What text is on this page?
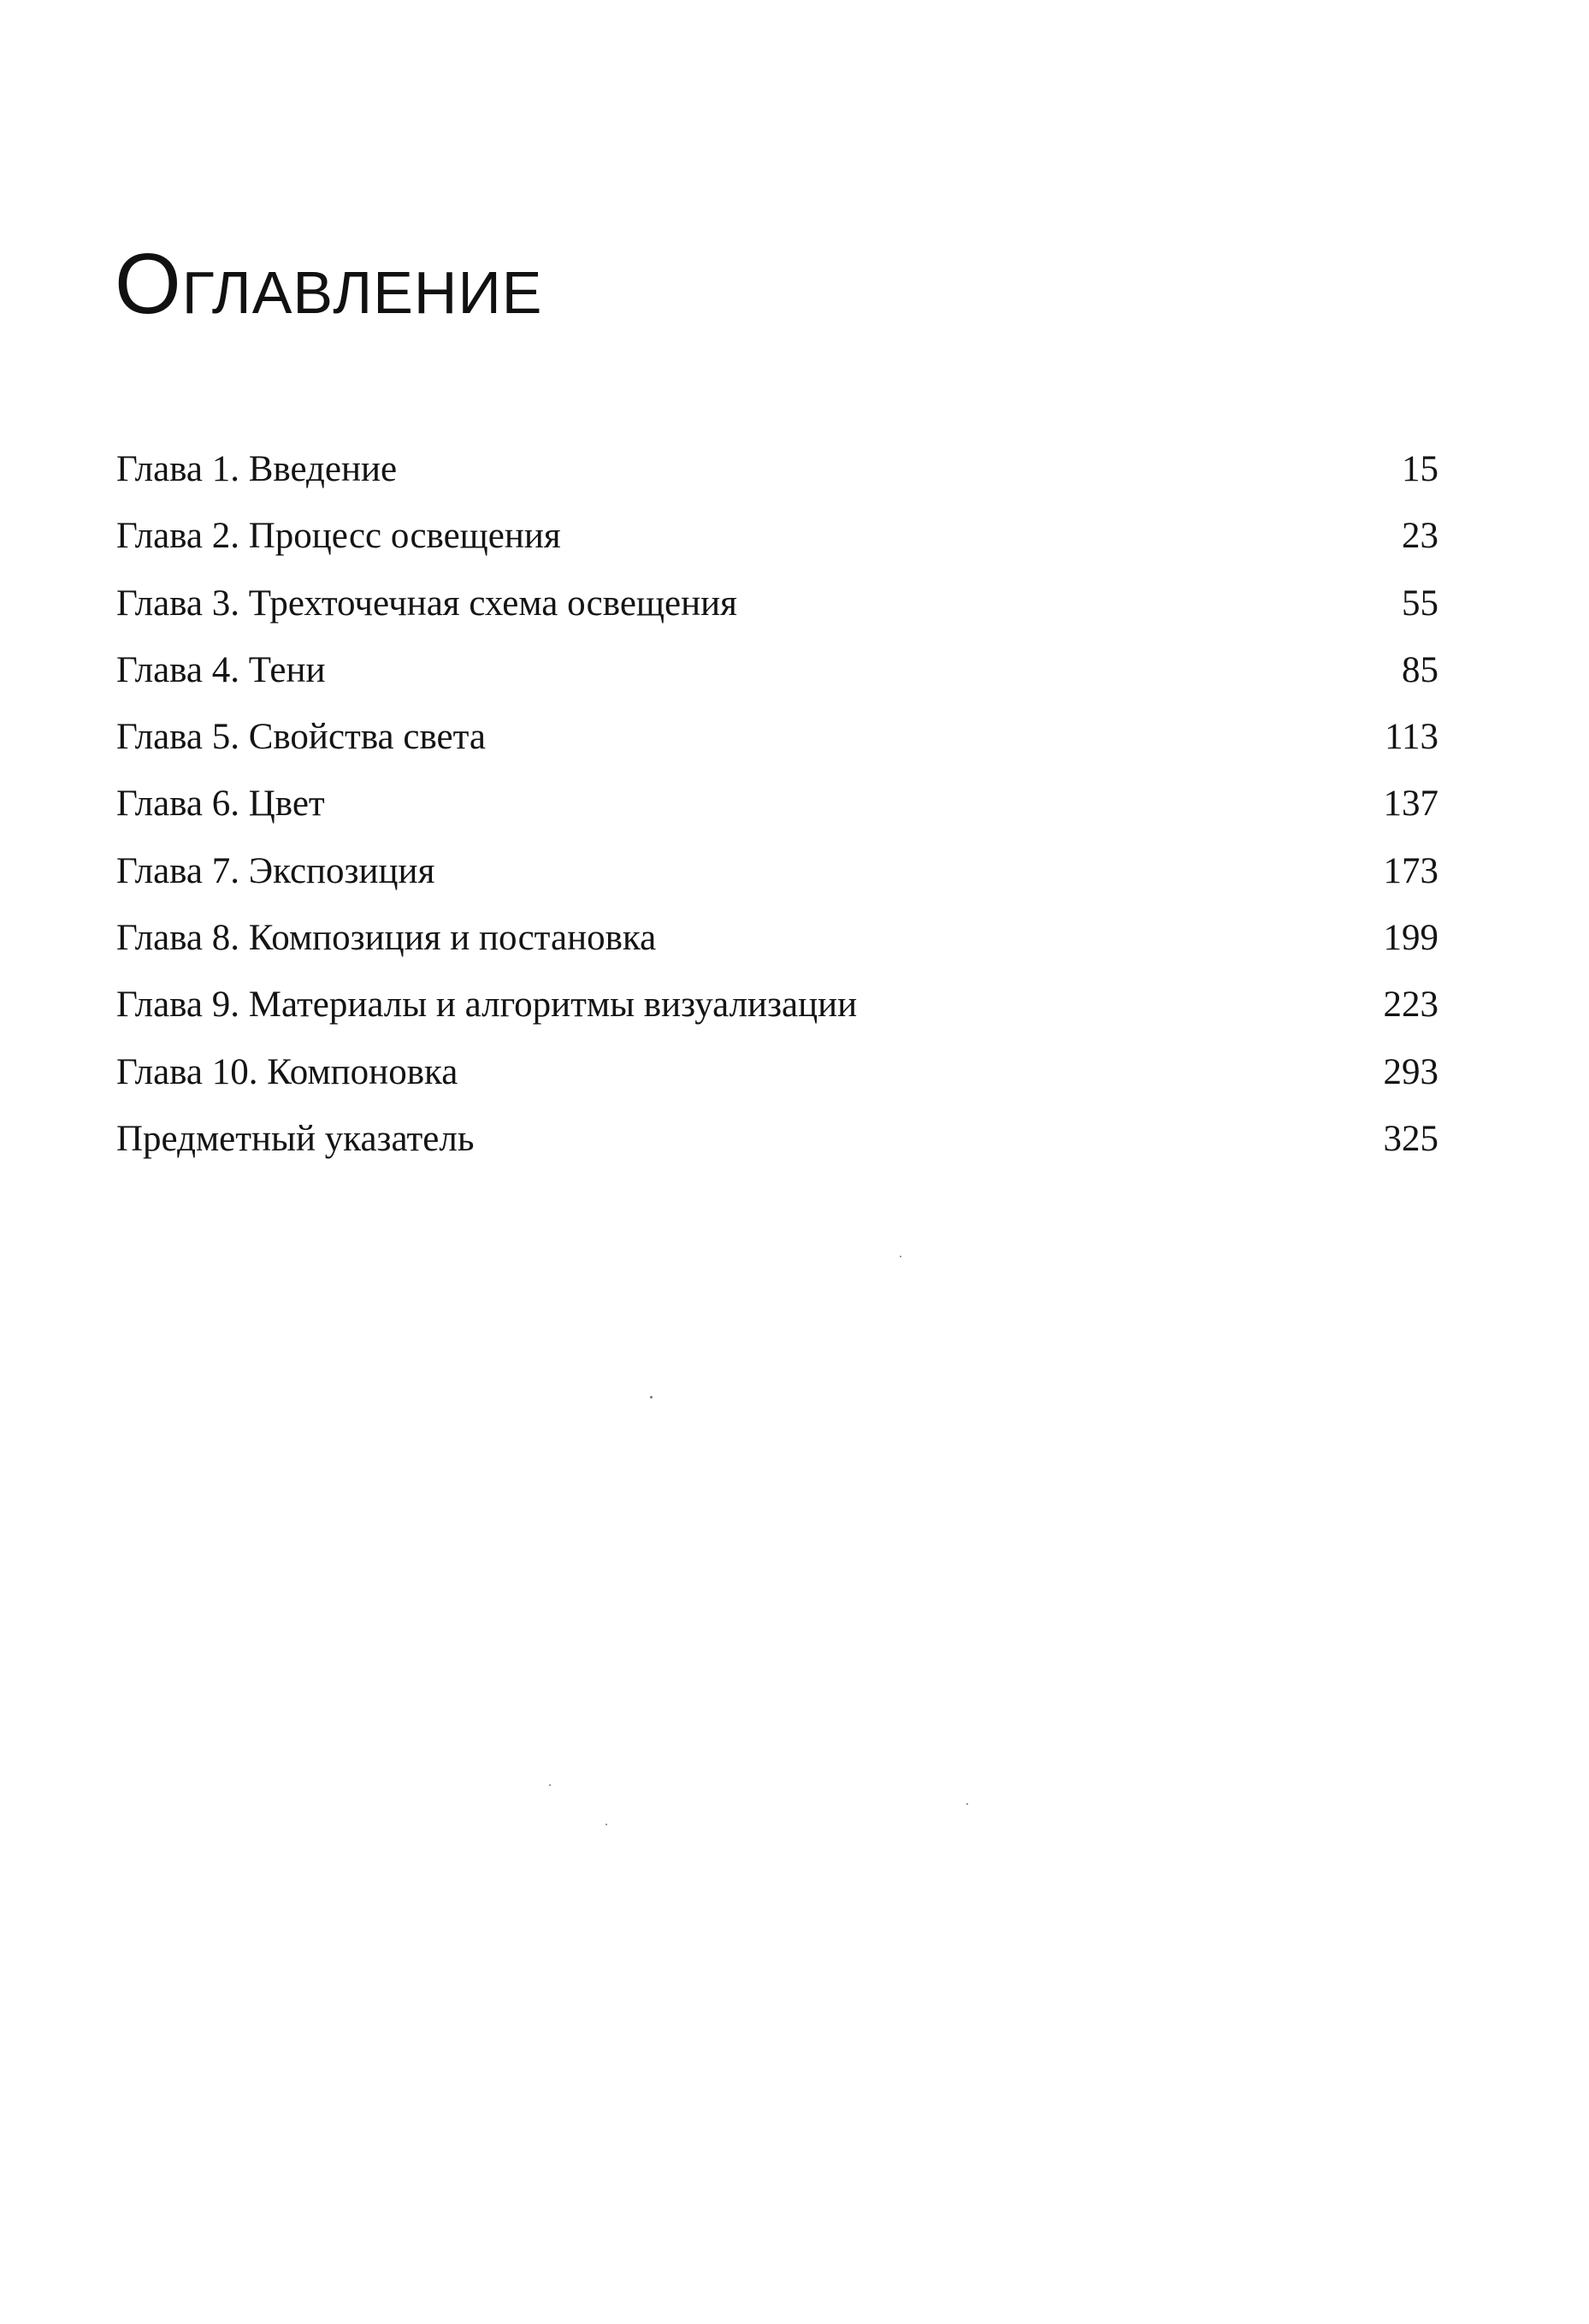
Оглавление
Глава 1. Введение	15
Глава 2. Процесс освещения	23
Глава 3. Трехточечная схема освещения	55
Глава 4. Тени	85
Глава 5. Свойства света	113
Глава 6. Цвет	137
Глава 7. Экспозиция	173
Глава 8. Композиция и постановка	199
Глава 9. Материалы и алгоритмы визуализации	223
Глава 10. Компоновка	293
Предметный указатель	325
